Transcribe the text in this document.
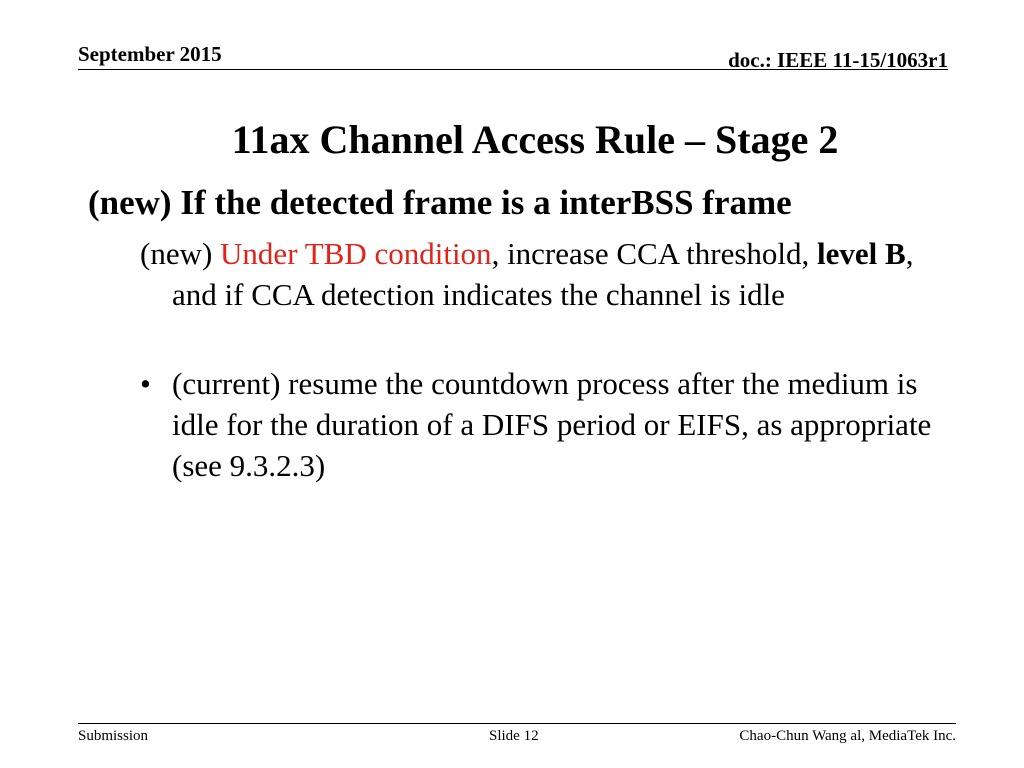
September 2015	doc.: IEEE 11-15/1063r1
11ax Channel Access Rule – Stage 2
(new) If the detected frame is a interBSS frame
(new) Under TBD condition, increase CCA threshold, level B, and if CCA detection indicates the channel is idle
• (current) resume the countdown process after the medium is idle for the duration of a DIFS period or EIFS, as appropriate (see 9.3.2.3)
Submission	Slide 12	Chao-Chun Wang al, MediaTek Inc.
